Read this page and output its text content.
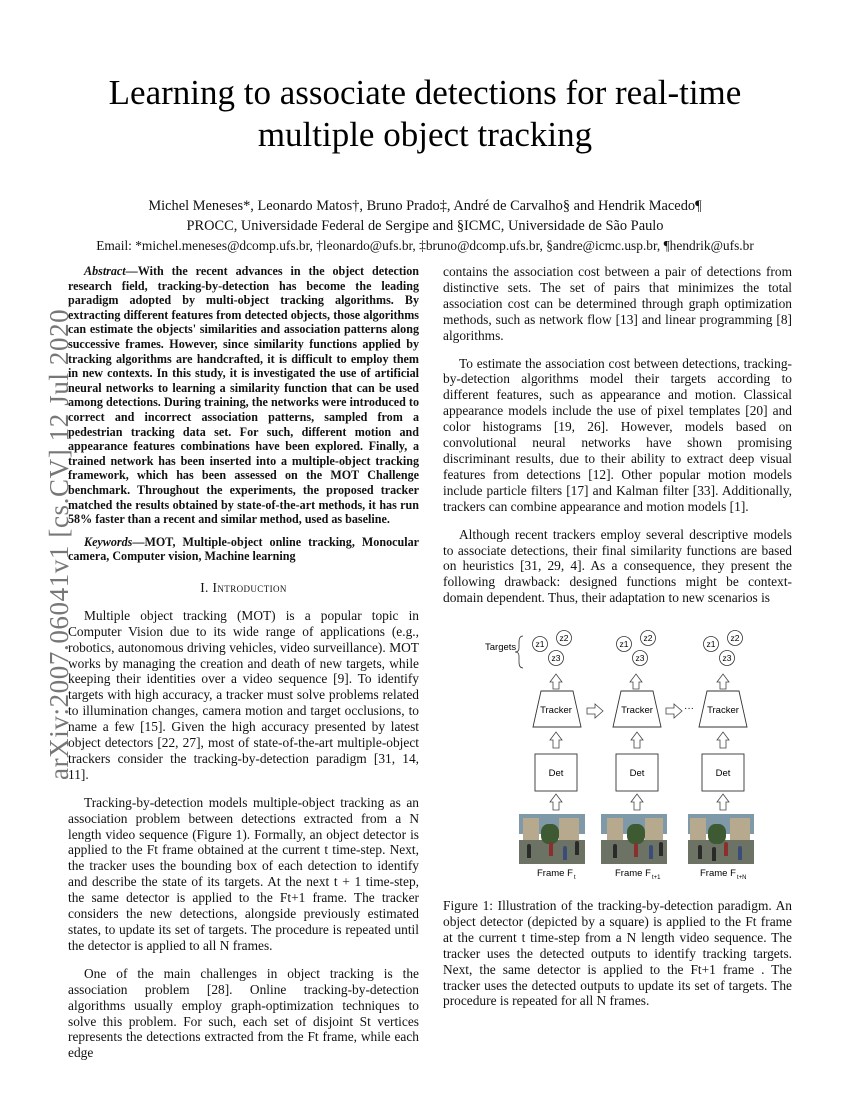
Learning to associate detections for real-time
multiple object tracking
Michel Meneses*, Leonardo Matos†, Bruno Prado‡, André de Carvalho§ and Hendrik Macedo¶
PROCC, Universidade Federal de Sergipe and §ICMC, Universidade de São Paulo
Email: *michel.meneses@dcomp.ufs.br, †leonardo@ufs.br, ‡bruno@dcomp.ufs.br, §andre@icmc.usp.br, ¶hendrik@ufs.br
arXiv:2007.06041v1 [cs.CV] 12 Jul 2020

Abstract—With the recent advances in the object detection research field, tracking-by-detection has become the leading paradigm adopted by multi-object tracking algorithms. By extracting different features from detected objects, those algorithms can estimate the objects' similarities and association patterns along successive frames. However, since similarity functions applied by tracking algorithms are handcrafted, it is difficult to employ them in new contexts. In this study, it is investigated the use of artificial neural networks to learning a similarity function that can be used among detections. During training, the networks were introduced to correct and incorrect association patterns, sampled from a pedestrian tracking data set. For such, different motion and appearance features combinations have been explored. Finally, a trained network has been inserted into a multiple-object tracking framework, which has been assessed on the MOT Challenge benchmark. Throughout the experiments, the proposed tracker matched the results obtained by state-of-the-art methods, it has run 58% faster than a recent and similar method, used as baseline.

Keywords—MOT, Multiple-object online tracking, Monocular camera, Computer vision, Machine learning

I. Introduction

Multiple object tracking (MOT) is a popular topic in Computer Vision due to its wide range of applications (e.g., robotics, autonomous driving vehicles, video surveillance). MOT works by managing the creation and death of new targets, while keeping their identities over a video sequence [9]. To identify targets with high accuracy, a tracker must solve problems related to illumination changes, camera motion and target occlusions, to name a few [15]. Given the high accuracy presented by latest object detectors [22, 27], most of state-of-the-art multiple-object trackers consider the tracking-by-detection paradigm [31, 14, 11].

Tracking-by-detection models multiple-object tracking as an association problem between detections extracted from a N length video sequence (Figure 1). Formally, an object detector is applied to the Ft frame obtained at the current t time-step. Next, the tracker uses the bounding box of each detection to identify and describe the state of its targets. At the next t + 1 time-step, the same detector is applied to the Ft+1 frame. The tracker considers the new detections, alongside previously estimated states, to update its set of targets. The procedure is repeated until the detector is applied to all N frames.

One of the main challenges in object tracking is the association problem [28]. Online tracking-by-detection algorithms usually employ graph-optimization techniques to solve this problem. For such, each set of disjoint St vertices represents the detections extracted from the Ft frame, while each edge

contains the association cost between a pair of detections from distinctive sets. The set of pairs that minimizes the total association cost can be determined through graph optimization methods, such as network flow [13] and linear programming [8] algorithms.

To estimate the association cost between detections, tracking-by-detection algorithms model their targets according to different features, such as appearance and motion. Classical appearance models include the use of pixel templates [20] and color histograms [19, 26]. However, models based on convolutional neural networks have shown promising discriminant results, due to their ability to extract deep visual features from detections [12]. Other popular motion models include particle filters [17] and Kalman filter [33]. Additionally, trackers can combine appearance and motion models [1].

Although recent trackers employ several descriptive models to associate detections, their final similarity functions are based on heuristics [31, 29, 4]. As a consequence, they present the following drawback: designed functions might be context-domain dependent. Thus, their adaptation to new scenarios is

Targets z1
z2
z3
Tracker
Det
Frame F t
z1
z2
z3
Tracker
Det
Frame F t+1
···
z1
z2
z3
Tracker
Det
Frame F t+N
Figure 1: Illustration of the tracking-by-detection paradigm. An object detector (depicted by a square) is applied to the Ft frame at the current t time-step from a N length video sequence. The tracker uses the detected outputs to identify tracking targets. Next, the same detector is applied to the Ft+1 frame . The tracker uses the detected outputs to update its set of targets. The procedure is repeated for all N frames.
